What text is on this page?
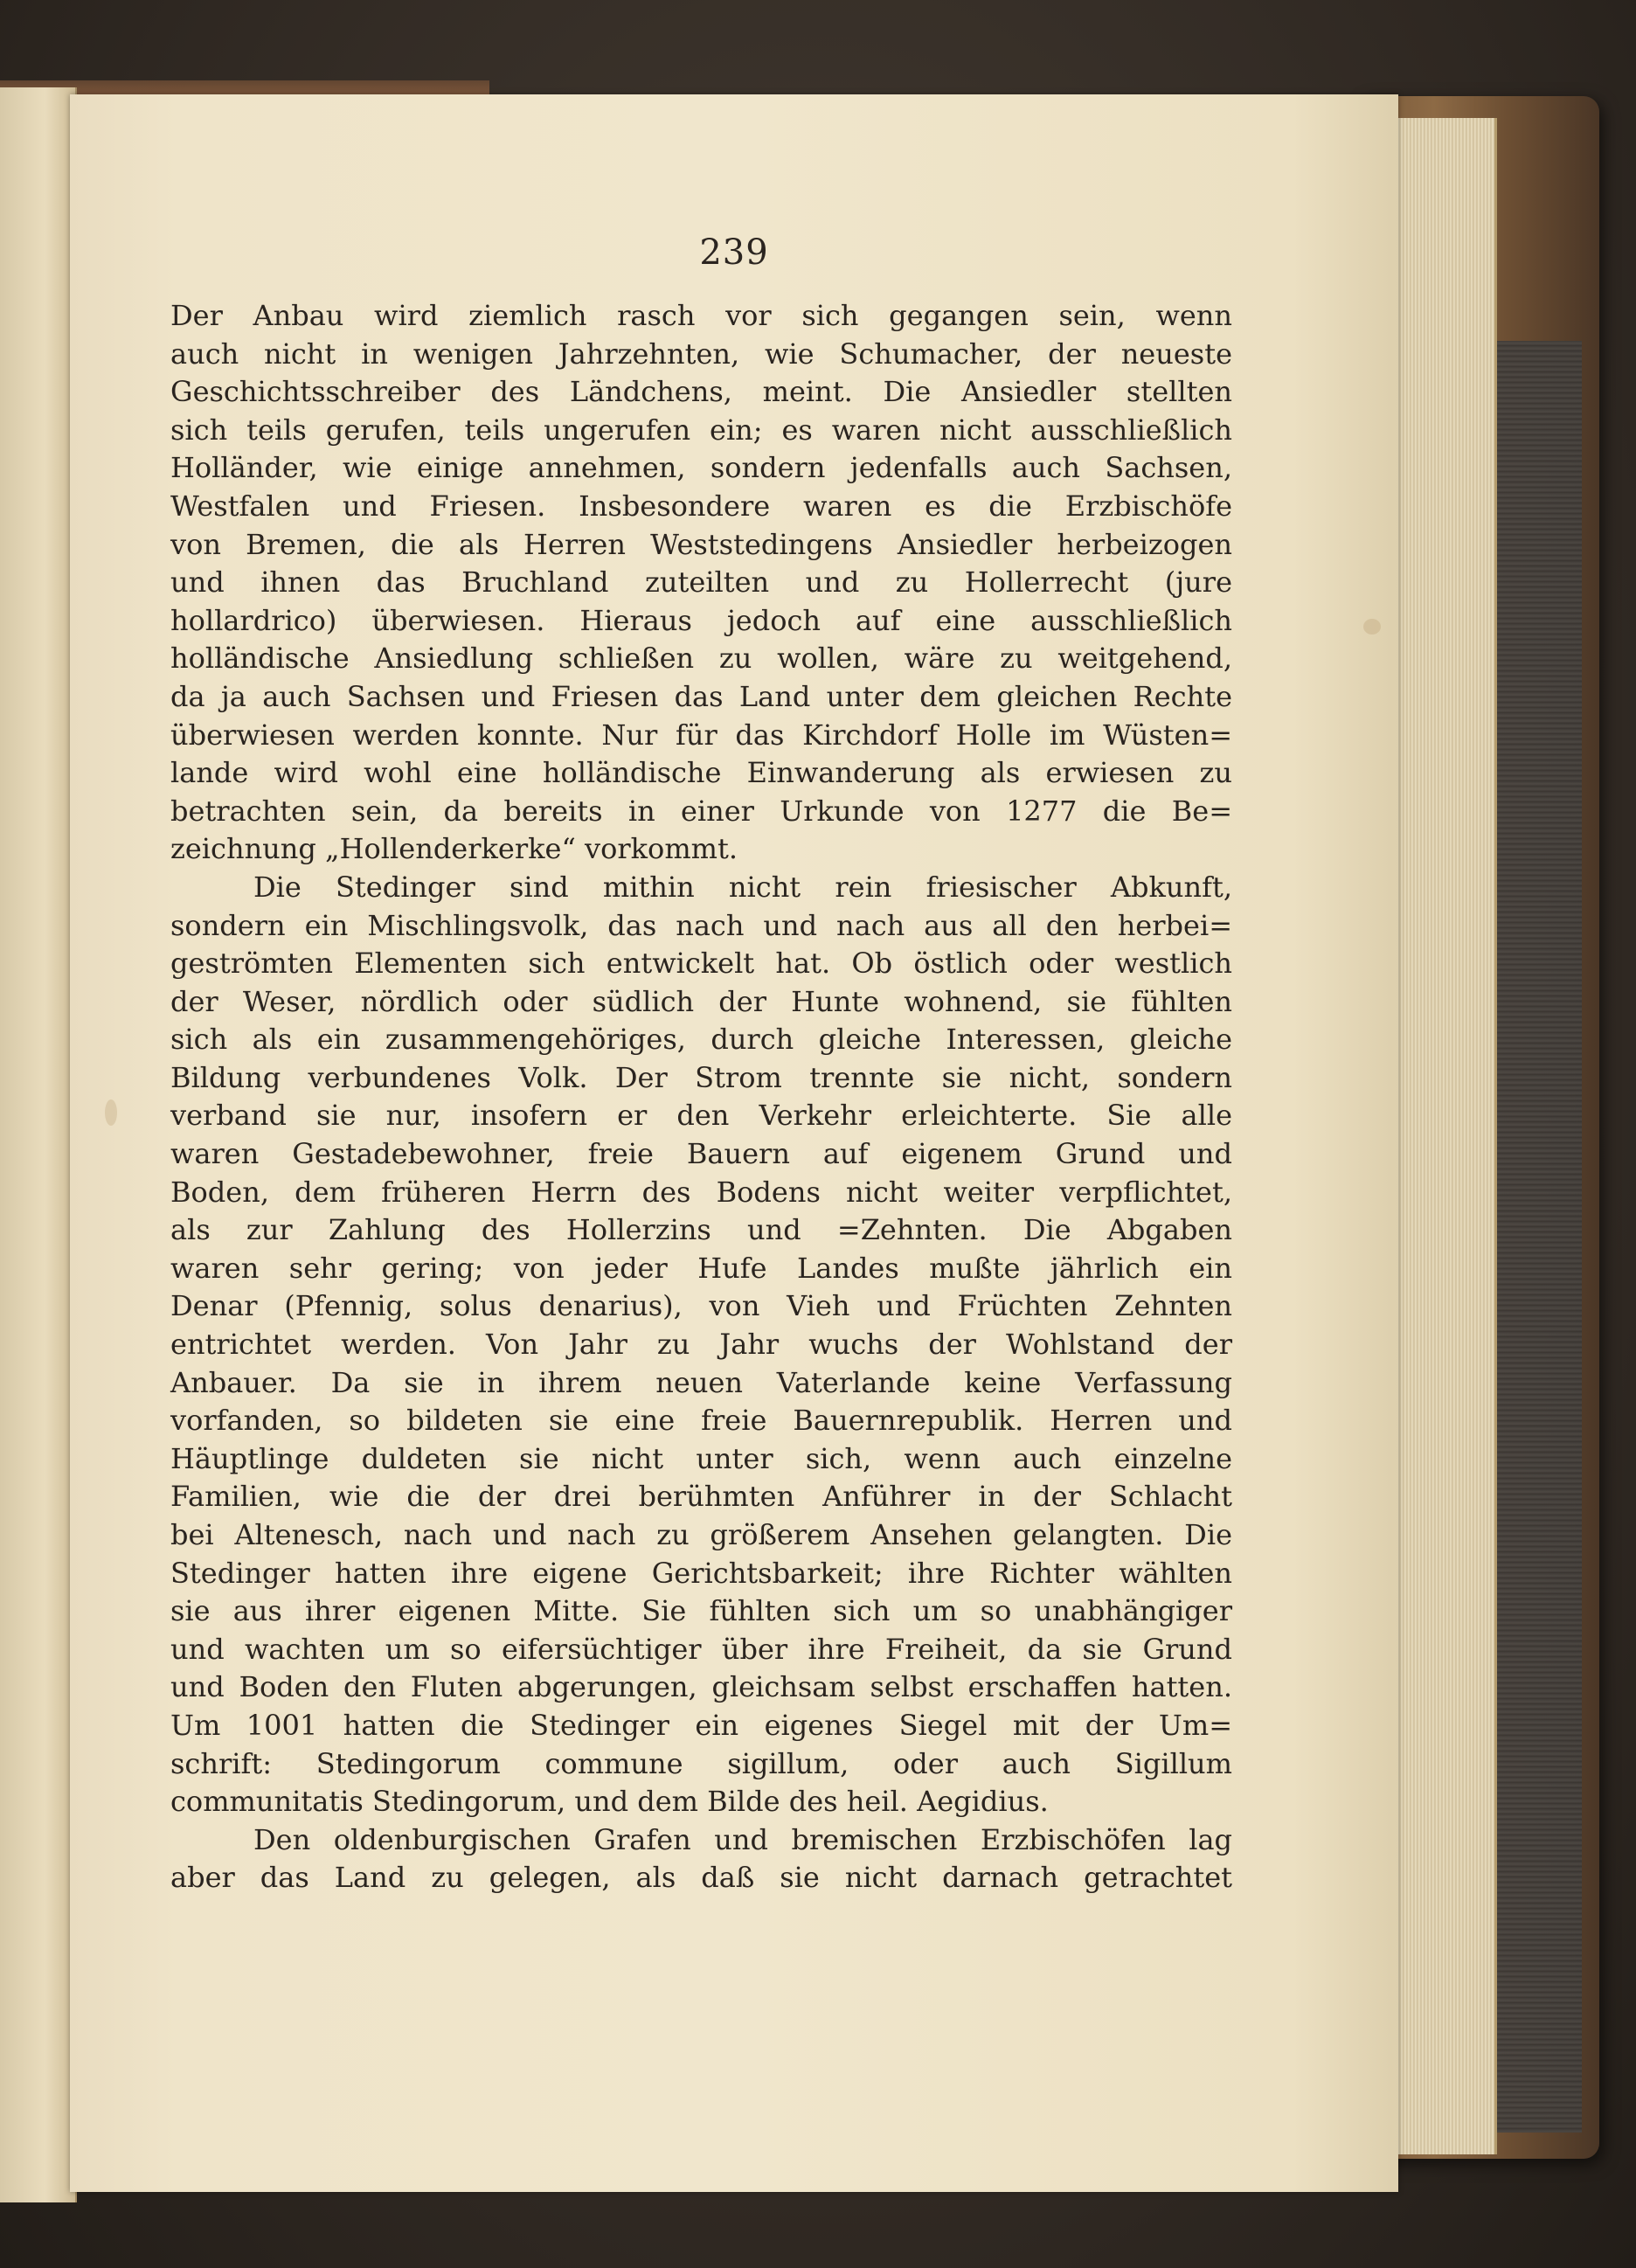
239
Der Anbau wird ziemlich rasch vor sich gegangen sein, wenn
auch nicht in wenigen Jahrzehnten, wie Schumacher, der neueste
Geschichtsschreiber des Ländchens, meint. Die Ansiedler stellten
sich teils gerufen, teils ungerufen ein; es waren nicht ausschließlich
Holländer, wie einige annehmen, sondern jedenfalls auch Sachsen,
Westfalen und Friesen. Insbesondere waren es die Erzbischöfe
von Bremen, die als Herren Weststedingens Ansiedler herbeizogen
und ihnen das Bruchland zuteilten und zu Hollerrecht (jure
hollardrico) überwiesen. Hieraus jedoch auf eine ausschließlich
holländische Ansiedlung schließen zu wollen, wäre zu weitgehend,
da ja auch Sachsen und Friesen das Land unter dem gleichen Rechte
überwiesen werden konnte. Nur für das Kirchdorf Holle im Wüsten=
lande wird wohl eine holländische Einwanderung als erwiesen zu
betrachten sein, da bereits in einer Urkunde von 1277 die Be=
zeichnung „Hollenderkerke“ vorkommt.
Die Stedinger sind mithin nicht rein friesischer Abkunft,
sondern ein Mischlingsvolk, das nach und nach aus all den herbei=
geströmten Elementen sich entwickelt hat. Ob östlich oder westlich
der Weser, nördlich oder südlich der Hunte wohnend, sie fühlten
sich als ein zusammengehöriges, durch gleiche Interessen, gleiche
Bildung verbundenes Volk. Der Strom trennte sie nicht, sondern
verband sie nur, insofern er den Verkehr erleichterte. Sie alle
waren Gestadebewohner, freie Bauern auf eigenem Grund und
Boden, dem früheren Herrn des Bodens nicht weiter verpflichtet,
als zur Zahlung des Hollerzins und =Zehnten. Die Abgaben
waren sehr gering; von jeder Hufe Landes mußte jährlich ein
Denar (Pfennig, solus denarius), von Vieh und Früchten Zehnten
entrichtet werden. Von Jahr zu Jahr wuchs der Wohlstand der
Anbauer. Da sie in ihrem neuen Vaterlande keine Verfassung
vorfanden, so bildeten sie eine freie Bauernrepublik. Herren und
Häuptlinge duldeten sie nicht unter sich, wenn auch einzelne
Familien, wie die der drei berühmten Anführer in der Schlacht
bei Altenesch, nach und nach zu größerem Ansehen gelangten. Die
Stedinger hatten ihre eigene Gerichtsbarkeit; ihre Richter wählten
sie aus ihrer eigenen Mitte. Sie fühlten sich um so unabhängiger
und wachten um so eifersüchtiger über ihre Freiheit, da sie Grund
und Boden den Fluten abgerungen, gleichsam selbst erschaffen hatten.
Um 1001 hatten die Stedinger ein eigenes Siegel mit der Um=
schrift: Stedingorum commune sigillum, oder auch Sigillum
communitatis Stedingorum, und dem Bilde des heil. Aegidius.
Den oldenburgischen Grafen und bremischen Erzbischöfen lag
aber das Land zu gelegen, als daß sie nicht darnach getrachtet
